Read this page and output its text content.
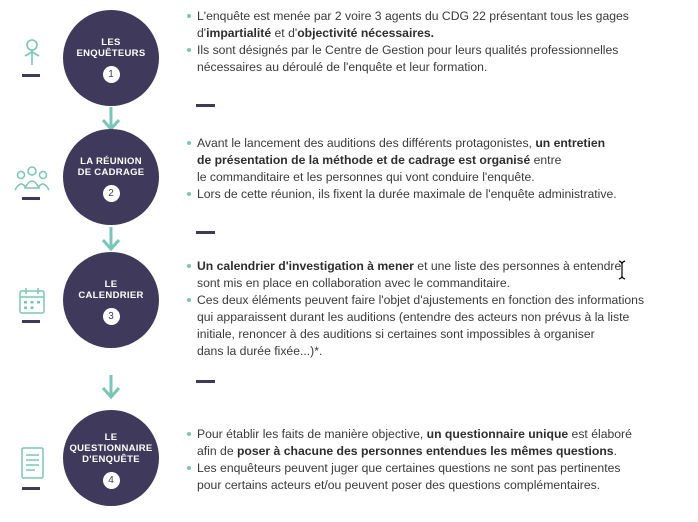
LES
ENQUÊTEURS
1
L'enquête est menée par 2 voire 3 agents du CDG 22 présentant tous les gages
d'impartialité et d'objectivité nécessaires.
Ils sont désignés par le Centre de Gestion pour leurs qualités professionnelles
nécessaires au déroulé de l'enquête et leur formation.
LA RÉUNION
DE CADRAGE
2
Avant le lancement des auditions des différents protagonistes, un entretien
de présentation de la méthode et de cadrage est organisé entre
le commanditaire et les personnes qui vont conduire l'enquête.
Lors de cette réunion, ils fixent la durée maximale de l'enquête administrative.
LE
CALENDRIER
3
Un calendrier d'investigation à mener et une liste des personnes à entendre
sont mis en place en collaboration avec le commanditaire.
Ces deux éléments peuvent faire l'objet d'ajustements en fonction des informations
qui apparaissent durant les auditions (entendre des acteurs non prévus à la liste
initiale, renoncer à des auditions si certaines sont impossibles à organiser
dans la durée fixée...)*.
LE
QUESTIONNAIRE
D'ENQUÊTE
4
Pour établir les faits de manière objective, un questionnaire unique est élaboré
afin de poser à chacune des personnes entendues les mêmes questions.
Les enquêteurs peuvent juger que certaines questions ne sont pas pertinentes
pour certains acteurs et/ou peuvent poser des questions complémentaires.
